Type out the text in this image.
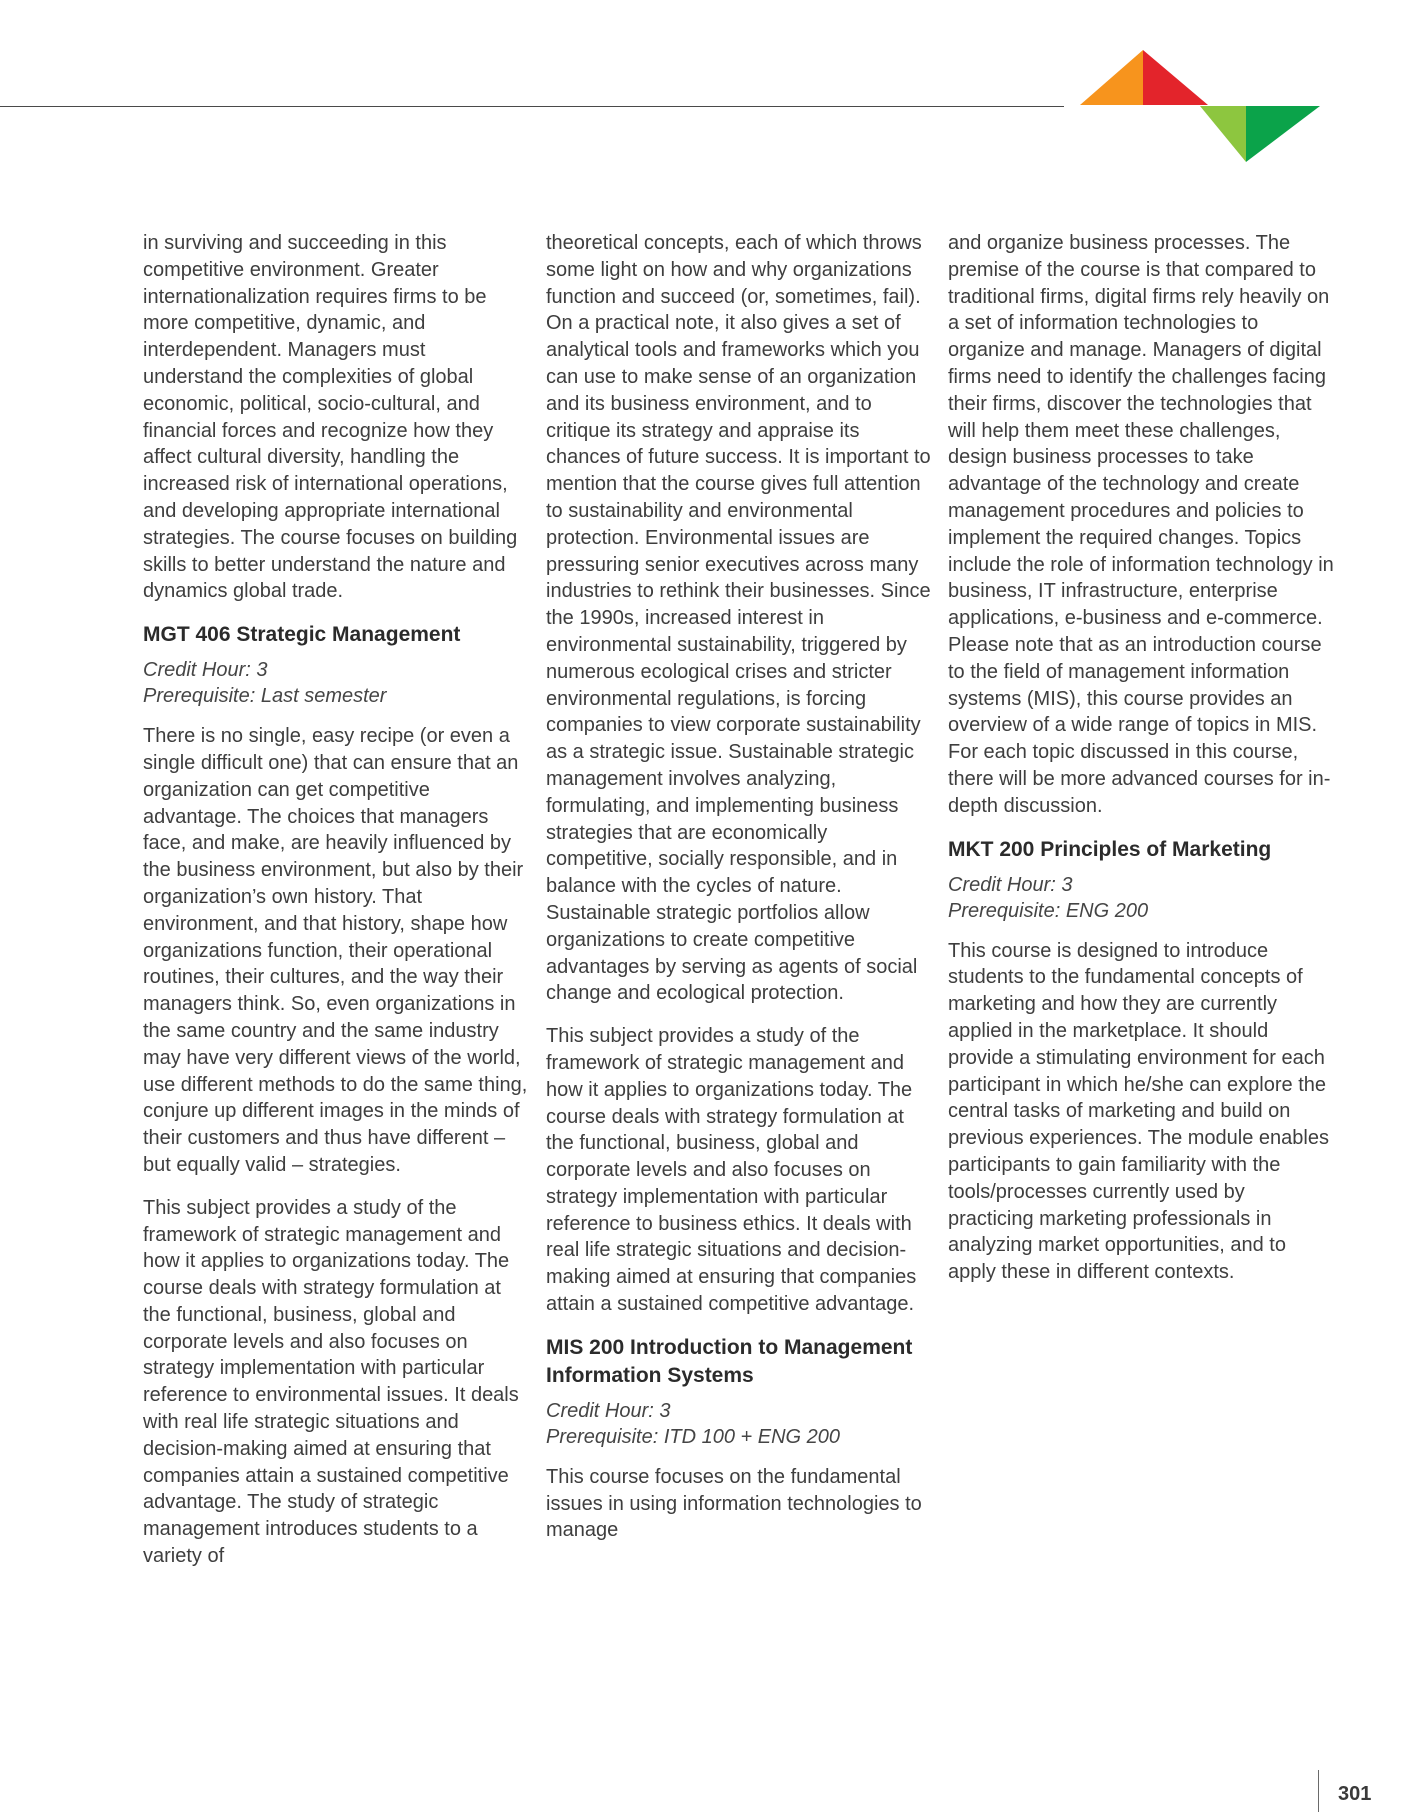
in surviving and succeeding in this competitive environment. Greater internationalization requires firms to be more competitive, dynamic, and interdependent. Managers must understand the complexities of global economic, political, socio-cultural, and financial forces and recognize how they affect cultural diversity, handling the increased risk of international operations, and developing appropriate international strategies. The course focuses on building skills to better understand the nature and dynamics global trade.

MGT 406 Strategic Management
Credit Hour: 3
Prerequisite: Last semester

There is no single, easy recipe (or even a single difficult one) that can ensure that an organization can get competitive advantage. The choices that managers face, and make, are heavily influenced by the business environment, but also by their organization’s own history. That environment, and that history, shape how organizations function, their operational routines, their cultures, and the way their managers think. So, even organizations in the same country and the same industry may have very different views of the world, use different methods to do the same thing, conjure up different images in the minds of their customers and thus have different – but equally valid – strategies.

This subject provides a study of the framework of strategic management and how it applies to organizations today. The course deals with strategy formulation at the functional, business, global and corporate levels and also focuses on strategy implementation with particular reference to environmental issues. It deals with real life strategic situations and decision-making aimed at ensuring that companies attain a sustained competitive advantage. The study of strategic management introduces students to a variety of

theoretical concepts, each of which throws some light on how and why organizations function and succeed (or, sometimes, fail). On a practical note, it also gives a set of analytical tools and frameworks which you can use to make sense of an organization and its business environment, and to critique its strategy and appraise its chances of future success. It is important to mention that the course gives full attention to sustainability and environmental protection. Environmental issues are pressuring senior executives across many industries to rethink their businesses. Since the 1990s, increased interest in environmental sustainability, triggered by numerous ecological crises and stricter environmental regulations, is forcing companies to view corporate sustainability as a strategic issue. Sustainable strategic management involves analyzing, formulating, and implementing business strategies that are economically competitive, socially responsible, and in balance with the cycles of nature. Sustainable strategic portfolios allow organizations to create competitive advantages by serving as agents of social change and ecological protection.

This subject provides a study of the framework of strategic management and how it applies to organizations today. The course deals with strategy formulation at the functional, business, global and corporate levels and also focuses on strategy implementation with particular reference to business ethics. It deals with real life strategic situations and decision-making aimed at ensuring that companies attain a sustained competitive advantage.

MIS 200 Introduction to Management Information Systems
Credit Hour: 3
Prerequisite: ITD 100 + ENG 200

This course focuses on the fundamental issues in using information technologies to manage

and organize business processes. The premise of the course is that compared to traditional firms, digital firms rely heavily on a set of information technologies to organize and manage. Managers of digital firms need to identify the challenges facing their firms, discover the technologies that will help them meet these challenges, design business processes to take advantage of the technology and create management procedures and policies to implement the required changes. Topics include the role of information technology in business, IT infrastructure, enterprise applications, e-business and e-commerce. Please note that as an introduction course to the field of management information systems (MIS), this course provides an overview of a wide range of topics in MIS. For each topic discussed in this course, there will be more advanced courses for in-depth discussion.

MKT 200 Principles of Marketing
Credit Hour: 3
Prerequisite: ENG 200

This course is designed to introduce students to the fundamental concepts of marketing and how they are currently applied in the marketplace. It should provide a stimulating environment for each participant in which he/she can explore the central tasks of marketing and build on previous experiences. The module enables participants to gain familiarity with the tools/processes currently used by practicing marketing professionals in analyzing market opportunities, and to apply these in different contexts.

301
